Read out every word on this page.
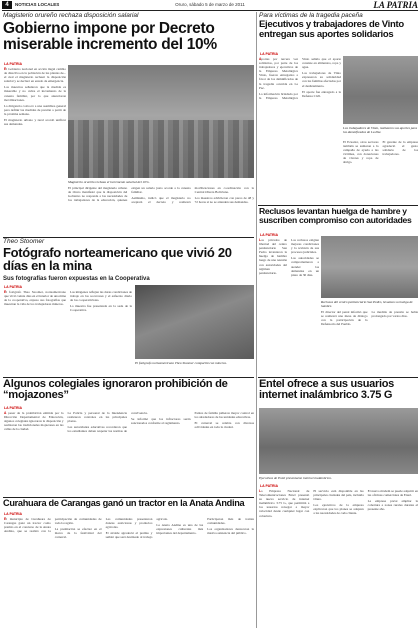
4	NOTICIAS LOCALES	Oruro, sábado 5 de marzo de 2011	LA PATRIA
Magisterio orureño rechaza disposición salarial
Gobierno impone por Decreto miserable incremento del 10%
LA PATRIA

El Gobierno nacional en acción ilegal cambio de directiva en la población de las plantas de... el cual el magisterio rechazó la disposición salarial y se declaró en estado de emergencia.

Los maestros señalaron que la medida es miserable y no cubre el incremento de la canasta familiar, por lo que anunciaron movilizaciones.

La dirigencia convocó a una asamblea general para definir las medidas de presión a partir de la próxima semana.

El magisterio urbano y rural acordó unificar sus demandas.

Magisterio orureño rechaza el incremento salarial del 10%.

El principal dirigente del magisterio urbano de Oruro manifestó que la disposición del Gobierno no responde a las necesidades de los trabajadores de la educación, quienes exigen un salario justo acorde a la canasta familiar.

Asimismo, indicó que el magisterio no aceptará el decreto y realizará movilizaciones en coordinación con la Central Obrera Boliviana.

Los maestros advirtieron con paros de 48 y 72 horas si no se atienden sus demandas.

Para víctimas de la tragedia paceña
Ejecutivos y trabajadores de Vinto entregan sus aportes solidarios
LA PATRIA

Aportes por tercera vez solidarios, por parte de los trabajadores y ejecutivos de la Empresa Metalúrgica Vinto, fueron entregados a favor de los damnificados de la tragedia ocurrida en La Paz.

La información brindada por la Empresa Metalúrgica Vinto señala que el aporte consiste en alimentos, ropa y agua.

Los trabajadores de Vinto expresaron su solidaridad con las familias afectadas por el deslizamiento.

El aporte fue entregado a la Defensa Civil.

Los trabajadores de Vinto, realizaron sus aportes para los damnificados de La Paz.

El Ecuador, otros sectores también se sumaron a la campaña de ayuda a las víctimas, con donaciones de víveres y ropa de abrigo.

El gerente de la empresa agradeció el gesto solidario de los trabajadores.

Reclusos levantan huelga de hambre y suscriben compromiso con autoridades
LA PATRIA

Los privados de libertad del centro penitenciario San Pedro levantaron la huelga de hambre luego de una reunión con autoridades del régimen penitenciario.

Los reclusos exigían mejores condiciones y la revisión de sus procesos judiciales.

Las autoridades se comprometieron a atender las demandas en un plazo de 30 días.

Reclusos del centro penitenciario San Pedro, levantan su huelga de hambre.

El director del penal informó que se realizará una mesa de diálogo con la participación de la Defensoría del Pueblo.

La medida de presión se había prolongado por varios días.

Theo Stoomer
Fotógrafo norteamericano que vivió 20 días en la mina
Sus fotografías fueron expuestas en la Cooperativa
LA PATRIA

El fotógrafo Theo Stoomer, norteamericano que vivió veinte días en el interior de una mina de la cooperativa, expuso sus fotografías que muestran la vida de los trabajadores mineros.

Las imágenes reflejan las duras condiciones de trabajo en los socavones y el esfuerzo diario de los cooperativistas.

La muestra fue presentada en la sede de la Cooperativa.

El fotógrafo norteamericano Theo Stoomer compartió con mineros.
Algunos colegiales ignoraron prohibición de “mojazones”
LA PATRIA

A pesar de la prohibición emitida por la Dirección Departamental de Educación, algunos colegiales ignoraron la disposición y realizaron las tradicionales mojazones en las calles de la ciudad.

La Policía y personal de la Intendencia realizaron controles en las principales plazas.

Las autoridades educativas recordaron que los estudiantes deben respetar las normas de convivencia.

Se informó que los infractores serán sancionados conforme al reglamento.

Padres de familia pidieron mayor control en los alrededores de las unidades educativas.

El carnaval se celebra con diversas actividades en toda la ciudad.

Entel ofrece a sus usuarios internet inalámbrico 3.75 G
Ejecutivos de Entel presentaron internet inalámbrico.
LA PATRIA

La Empresa Nacional de Telecomunicaciones Entel presentó su nuevo servicio de internet inalámbrico 3.75 G, que permitirá a los usuarios navegar a mayor velocidad desde cualquier lugar con cobertura.

El servicio está disponible en las principales ciudades del país, incluida Oruro.

Los ejecutivos de la empresa explicaron que los planes se adaptan a las necesidades de cada cliente.

El nuevo módem se puede adquirir en las oficinas comerciales de Entel.

La empresa prevé ampliar la cobertura a zonas rurales durante el presente año.

Curahuara de Carangas ganó un tractor en la Anata Andina
LA PATRIA

El municipio de Curahuara de Carangas ganó un tractor como premio en el concurso de la Anata Andina, que se realizó con la participación de comunidades de toda la región.

La premiación se efectuó en el marco de la festividad del carnaval.

Las comunidades presentaron danzas autóctonas y productos agrícolas.

El alcalde agradeció el premio y señaló que será destinado al trabajo agrícola.

La Anata Andina es una de las expresiones culturales más importantes del departamento.

Participaron más de treinta comunidades.

Los organizadores destacaron la masiva asistencia del público.
